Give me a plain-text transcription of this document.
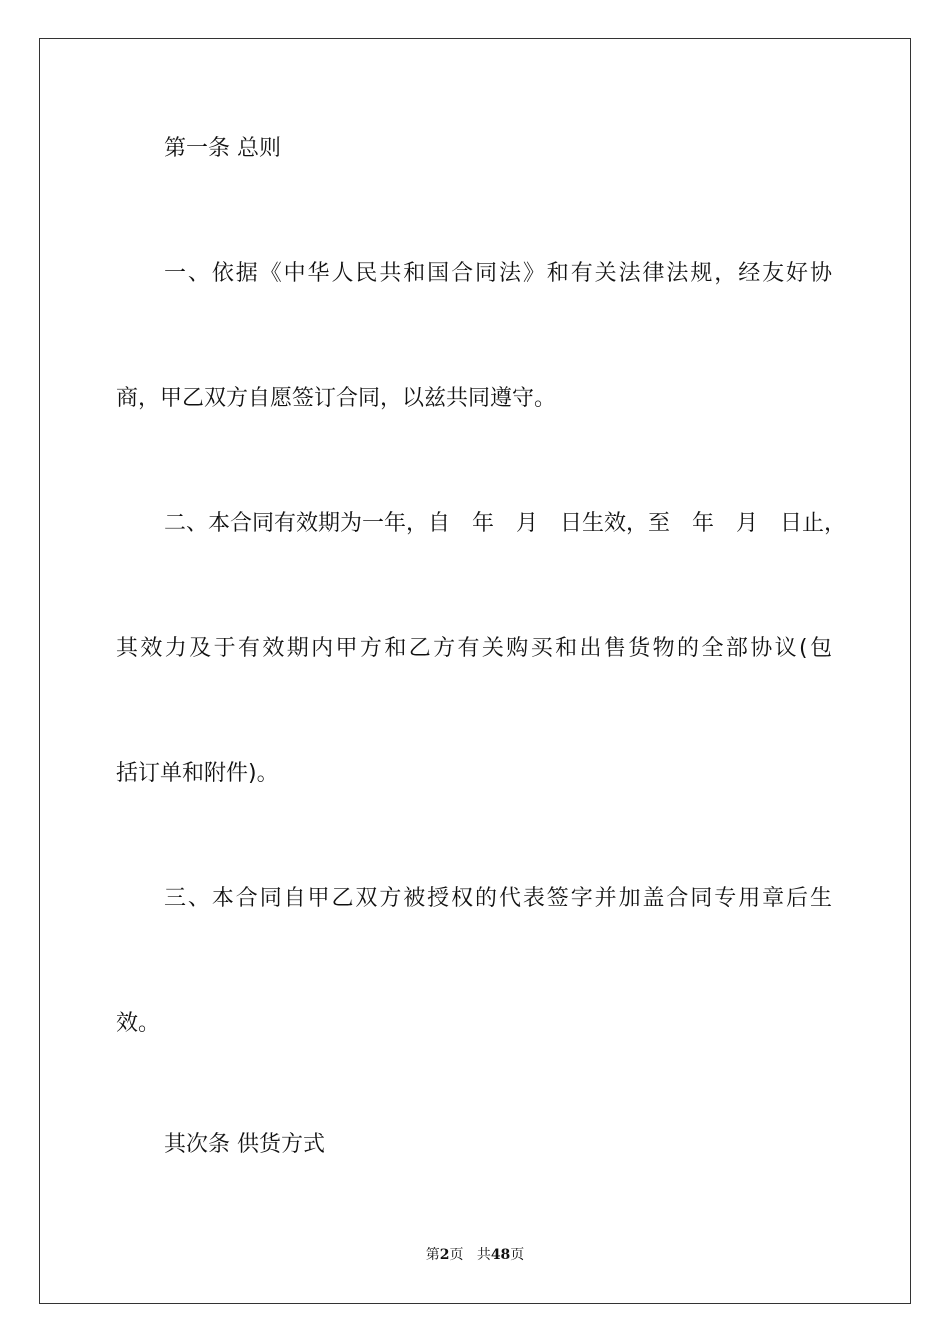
第一条 总则
一、依据《中华人民共和国合同法》和有关法律法规，经友好协
商，甲乙双方自愿签订合同，以兹共同遵守。
二、本合同有效期为一年，自　年　月　日生效，至　年　月　日止，
其效力及于有效期内甲方和乙方有关购买和出售货物的全部协议(包
括订单和附件)。
三、本合同自甲乙双方被授权的代表签字并加盖合同专用章后生
效。
其次条 供货方式
第2页 共48页
